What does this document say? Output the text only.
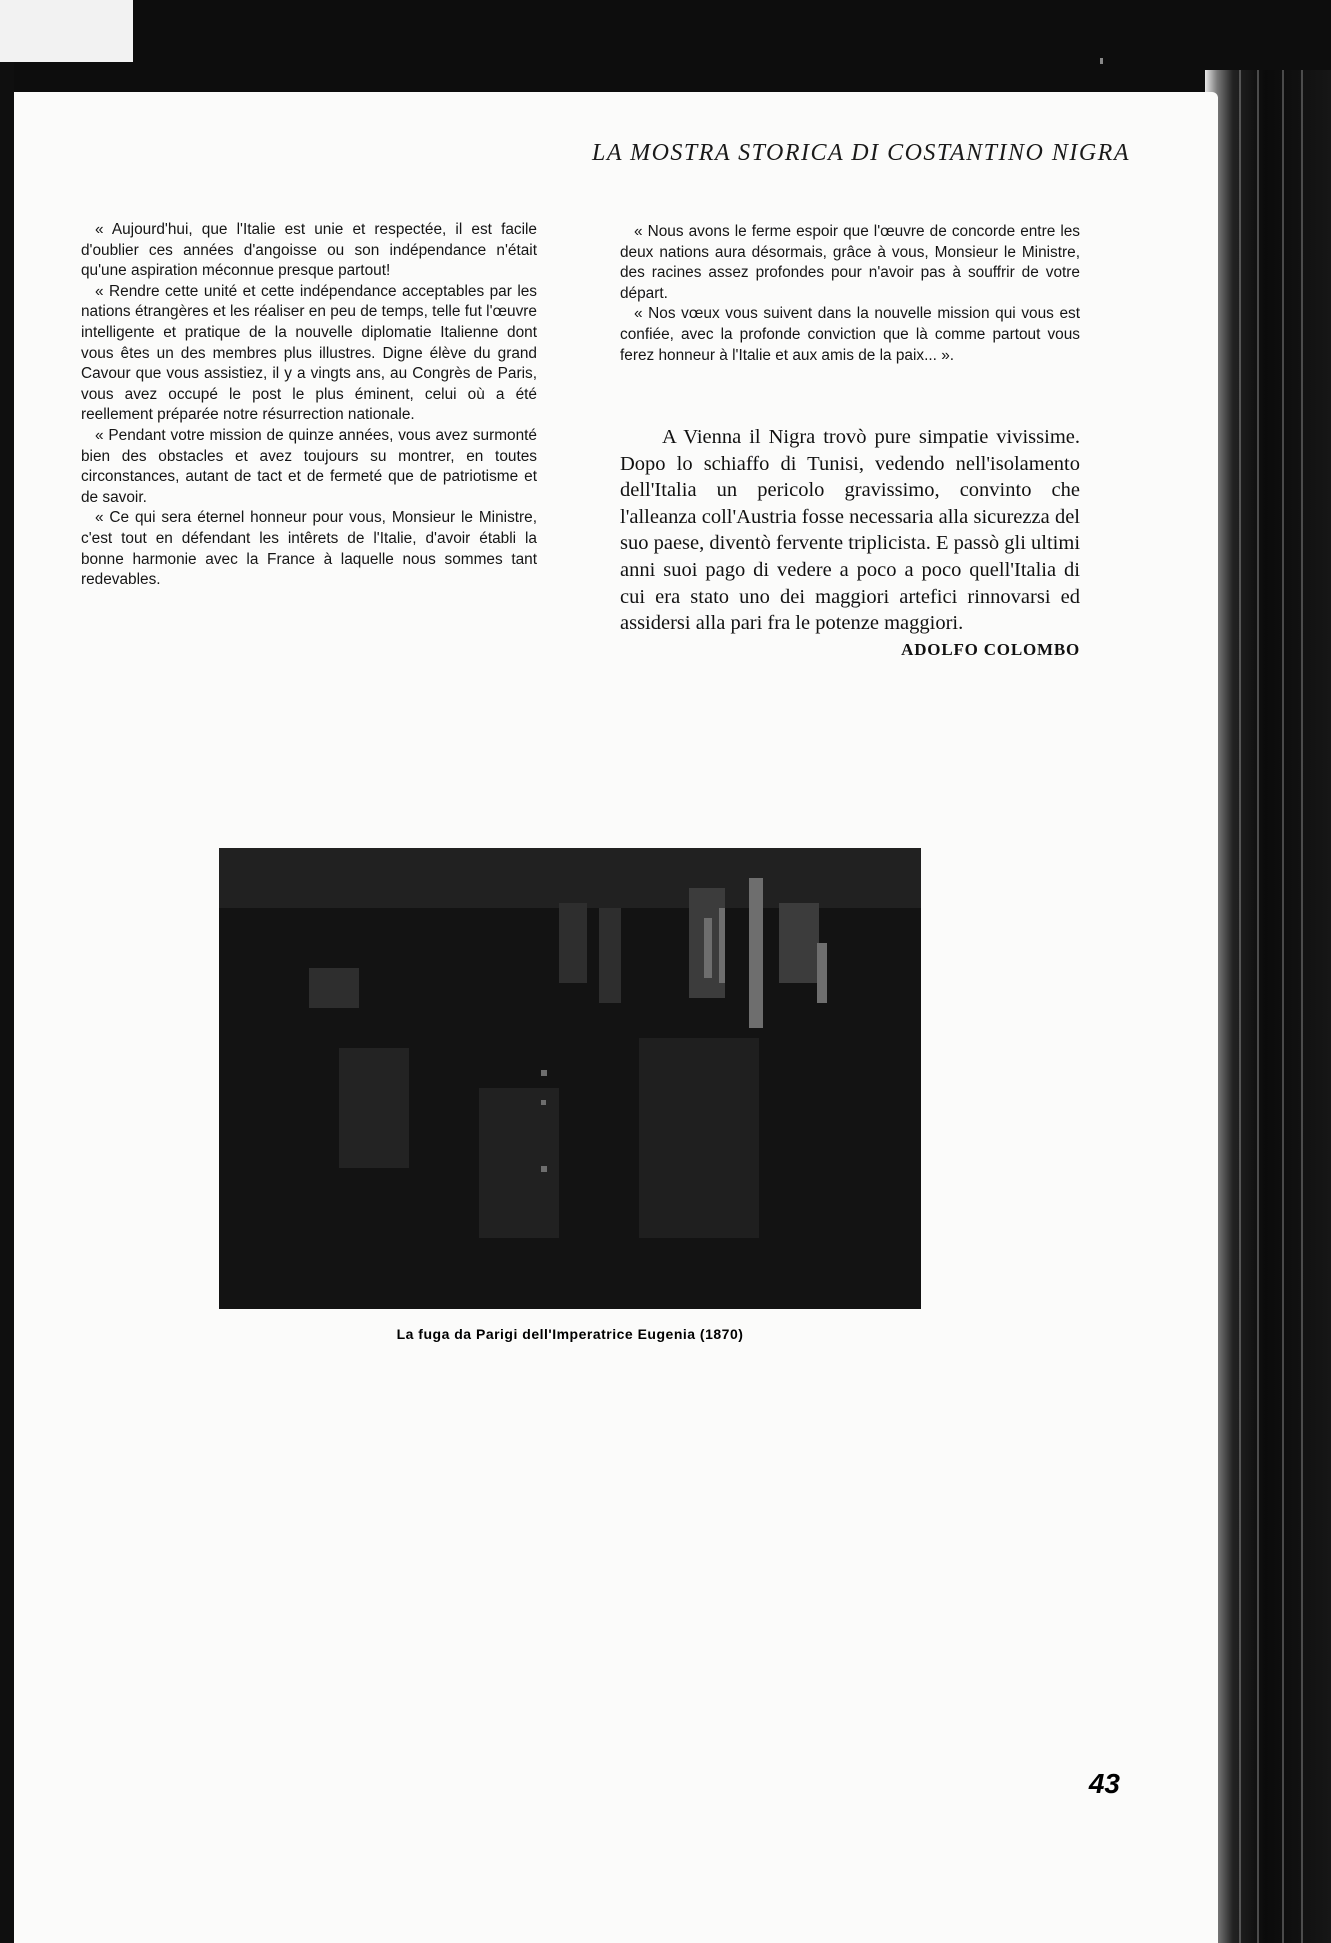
LA MOSTRA STORICA DI COSTANTINO NIGRA

« Aujourd'hui, que l'Italie est unie et respectée, il est facile d'oublier ces années d'angoisse ou son indépendance n'était qu'une aspiration méconnue presque partout!

« Rendre cette unité et cette indépendance acceptables par les nations étrangères et les réaliser en peu de temps, telle fut l'œuvre intelligente et pratique de la nouvelle diplomatie Italienne dont vous êtes un des membres plus illustres. Digne élève du grand Cavour que vous assistiez, il y a vingts ans, au Congrès de Paris, vous avez occupé le post le plus éminent, celui où a été reellement préparée notre résurrection nationale.

« Pendant votre mission de quinze années, vous avez surmonté bien des obstacles et avez toujours su montrer, en toutes circonstances, autant de tact et de fermeté que de patriotisme et de savoir.

« Ce qui sera éternel honneur pour vous, Monsieur le Ministre, c'est tout en défendant les intêrets de l'Italie, d'avoir établi la bonne harmonie avec la France à laquelle nous sommes tant redevables.

« Nous avons le ferme espoir que l'œuvre de concorde entre les deux nations aura désormais, grâce à vous, Monsieur le Ministre, des racines assez profondes pour n'avoir pas à souffrir de votre départ.

« Nos vœux vous suivent dans la nouvelle mission qui vous est confiée, avec la profonde conviction que là comme partout vous ferez honneur à l'Italie et aux amis de la paix... ».

A Vienna il Nigra trovò pure simpatie vivissime. Dopo lo schiaffo di Tunisi, vedendo nell'isolamento dell'Italia un pericolo gravissimo, convinto che l'alleanza coll'Austria fosse necessaria alla sicurezza del suo paese, diventò fervente triplicista. E passò gli ultimi anni suoi pago di vedere a poco a poco quell'Italia di cui era stato uno dei maggiori artefici rinnovarsi ed assidersi alla pari fra le potenze maggiori.

ADOLFO COLOMBO
La fuga da Parigi dell'Imperatrice Eugenia (1870)
43
